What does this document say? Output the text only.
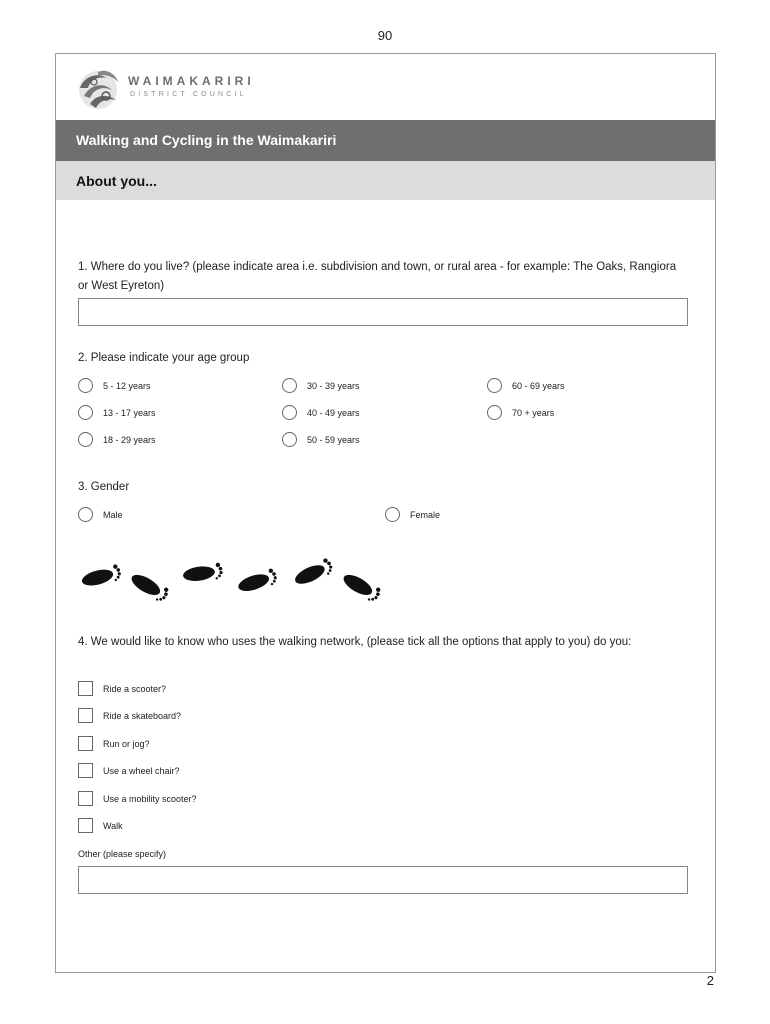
90
WAIMAKARIRI
DISTRICT COUNCIL
Walking and Cycling in the Waimakariri
About you...
1. Where do you live? (please indicate area i.e. subdivision and town, or rural area - for example: The Oaks, Rangiora or West Eyreton)
2. Please indicate your age group
5 - 12 years
13 - 17 years
18 - 29 years
30 - 39 years
40 - 49 years
50 - 59 years
60 - 69 years
70 + years
3. Gender
Male	Female
4. We would like to know who uses the walking network, (please tick all the options that apply to you) do you:
Ride a scooter?
Ride a skateboard?
Run or jog?
Use a wheel chair?
Use a mobility scooter?
Walk
Other (please specify)
2
